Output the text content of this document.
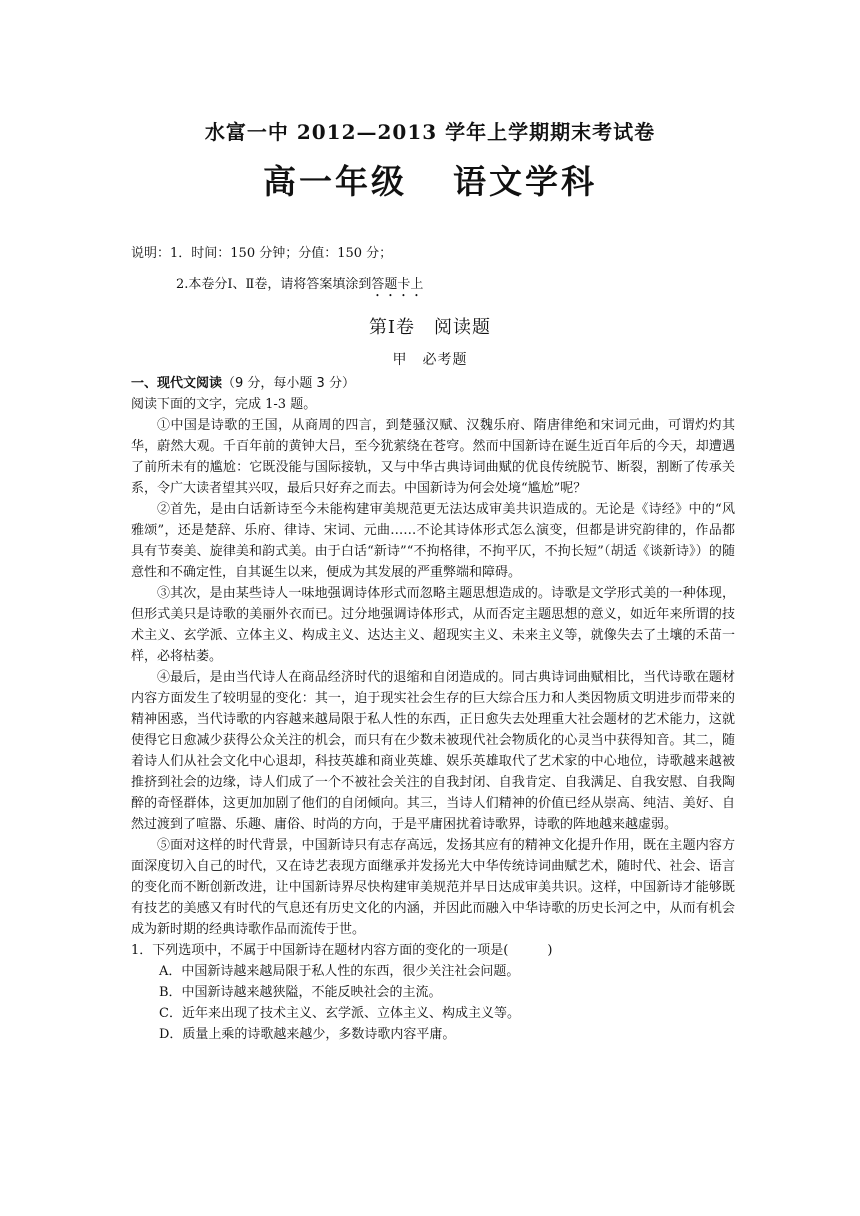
水富一中 2012—2013 学年上学期期末考试卷
高一年级 语文学科
说明：1．时间：150 分钟；分值：150 分；
2.本卷分Ⅰ、Ⅱ卷，请将答案填涂到答题卡上
第Ⅰ卷　阅读题
甲　必考题

一、现代文阅读（9 分，每小题 3 分）

阅读下面的文字，完成 1-3 题。

①中国是诗歌的王国，从商周的四言，到楚骚汉赋、汉魏乐府、隋唐律绝和宋词元曲，可谓灼灼其华，蔚然大观。千百年前的黄钟大吕，至今犹萦绕在苍穹。然而中国新诗在诞生近百年后的今天，却遭遇了前所未有的尴尬：它既没能与国际接轨，又与中华古典诗词曲赋的优良传统脱节、断裂，割断了传承关系，令广大读者望其兴叹，最后只好弃之而去。中国新诗为何会处境“尴尬”呢？

②首先，是由白话新诗至今未能构建审美规范更无法达成审美共识造成的。无论是《诗经》中的“风雅颂”，还是楚辞、乐府、律诗、宋词、元曲……不论其诗体形式怎么演变，但都是讲究韵律的，作品都具有节奏美、旋律美和韵式美。由于白话“新诗”“不拘格律，不拘平仄，不拘长短”（胡适《谈新诗》）的随意性和不确定性，自其诞生以来，便成为其发展的严重弊端和障碍。

③其次，是由某些诗人一味地强调诗体形式而忽略主题思想造成的。诗歌是文学形式美的一种体现，但形式美只是诗歌的美丽外衣而已。过分地强调诗体形式，从而否定主题思想的意义，如近年来所谓的技术主义、玄学派、立体主义、构成主义、达达主义、超现实主义、未来主义等，就像失去了土壤的禾苗一样，必将枯萎。

④最后，是由当代诗人在商品经济时代的退缩和自闭造成的。同古典诗词曲赋相比，当代诗歌在题材内容方面发生了较明显的变化：其一，迫于现实社会生存的巨大综合压力和人类因物质文明进步而带来的精神困惑，当代诗歌的内容越来越局限于私人性的东西，正日愈失去处理重大社会题材的艺术能力，这就使得它日愈减少获得公众关注的机会，而只有在少数未被现代社会物质化的心灵当中获得知音。其二，随着诗人们从社会文化中心退却，科技英雄和商业英雄、娱乐英雄取代了艺术家的中心地位，诗歌越来越被推挤到社会的边缘，诗人们成了一个不被社会关注的自我封闭、自我肯定、自我满足、自我安慰、自我陶醉的奇怪群体，这更加加剧了他们的自闭倾向。其三，当诗人们精神的价值已经从崇高、纯洁、美好、自然过渡到了喧嚣、乐趣、庸俗、时尚的方向，于是平庸困扰着诗歌界，诗歌的阵地越来越虚弱。

⑤面对这样的时代背景，中国新诗只有志存高远，发扬其应有的精神文化提升作用，既在主题内容方面深度切入自己的时代，又在诗艺表现方面继承并发扬光大中华传统诗词曲赋艺术，随时代、社会、语言的变化而不断创新改进，让中国新诗界尽快构建审美规范并早日达成审美共识。这样，中国新诗才能够既有技艺的美感又有时代的气息还有历史文化的内涵，并因此而融入中华诗歌的历史长河之中，从而有机会成为新时期的经典诗歌作品而流传于世。

1．下列选项中，不属于中国新诗在题材内容方面的变化的一项是(　　　)

A．中国新诗越来越局限于私人性的东西，很少关注社会问题。

B．中国新诗越来越狭隘，不能反映社会的主流。

C．近年来出现了技术主义、玄学派、立体主义、构成主义等。

D．质量上乘的诗歌越来越少，多数诗歌内容平庸。
